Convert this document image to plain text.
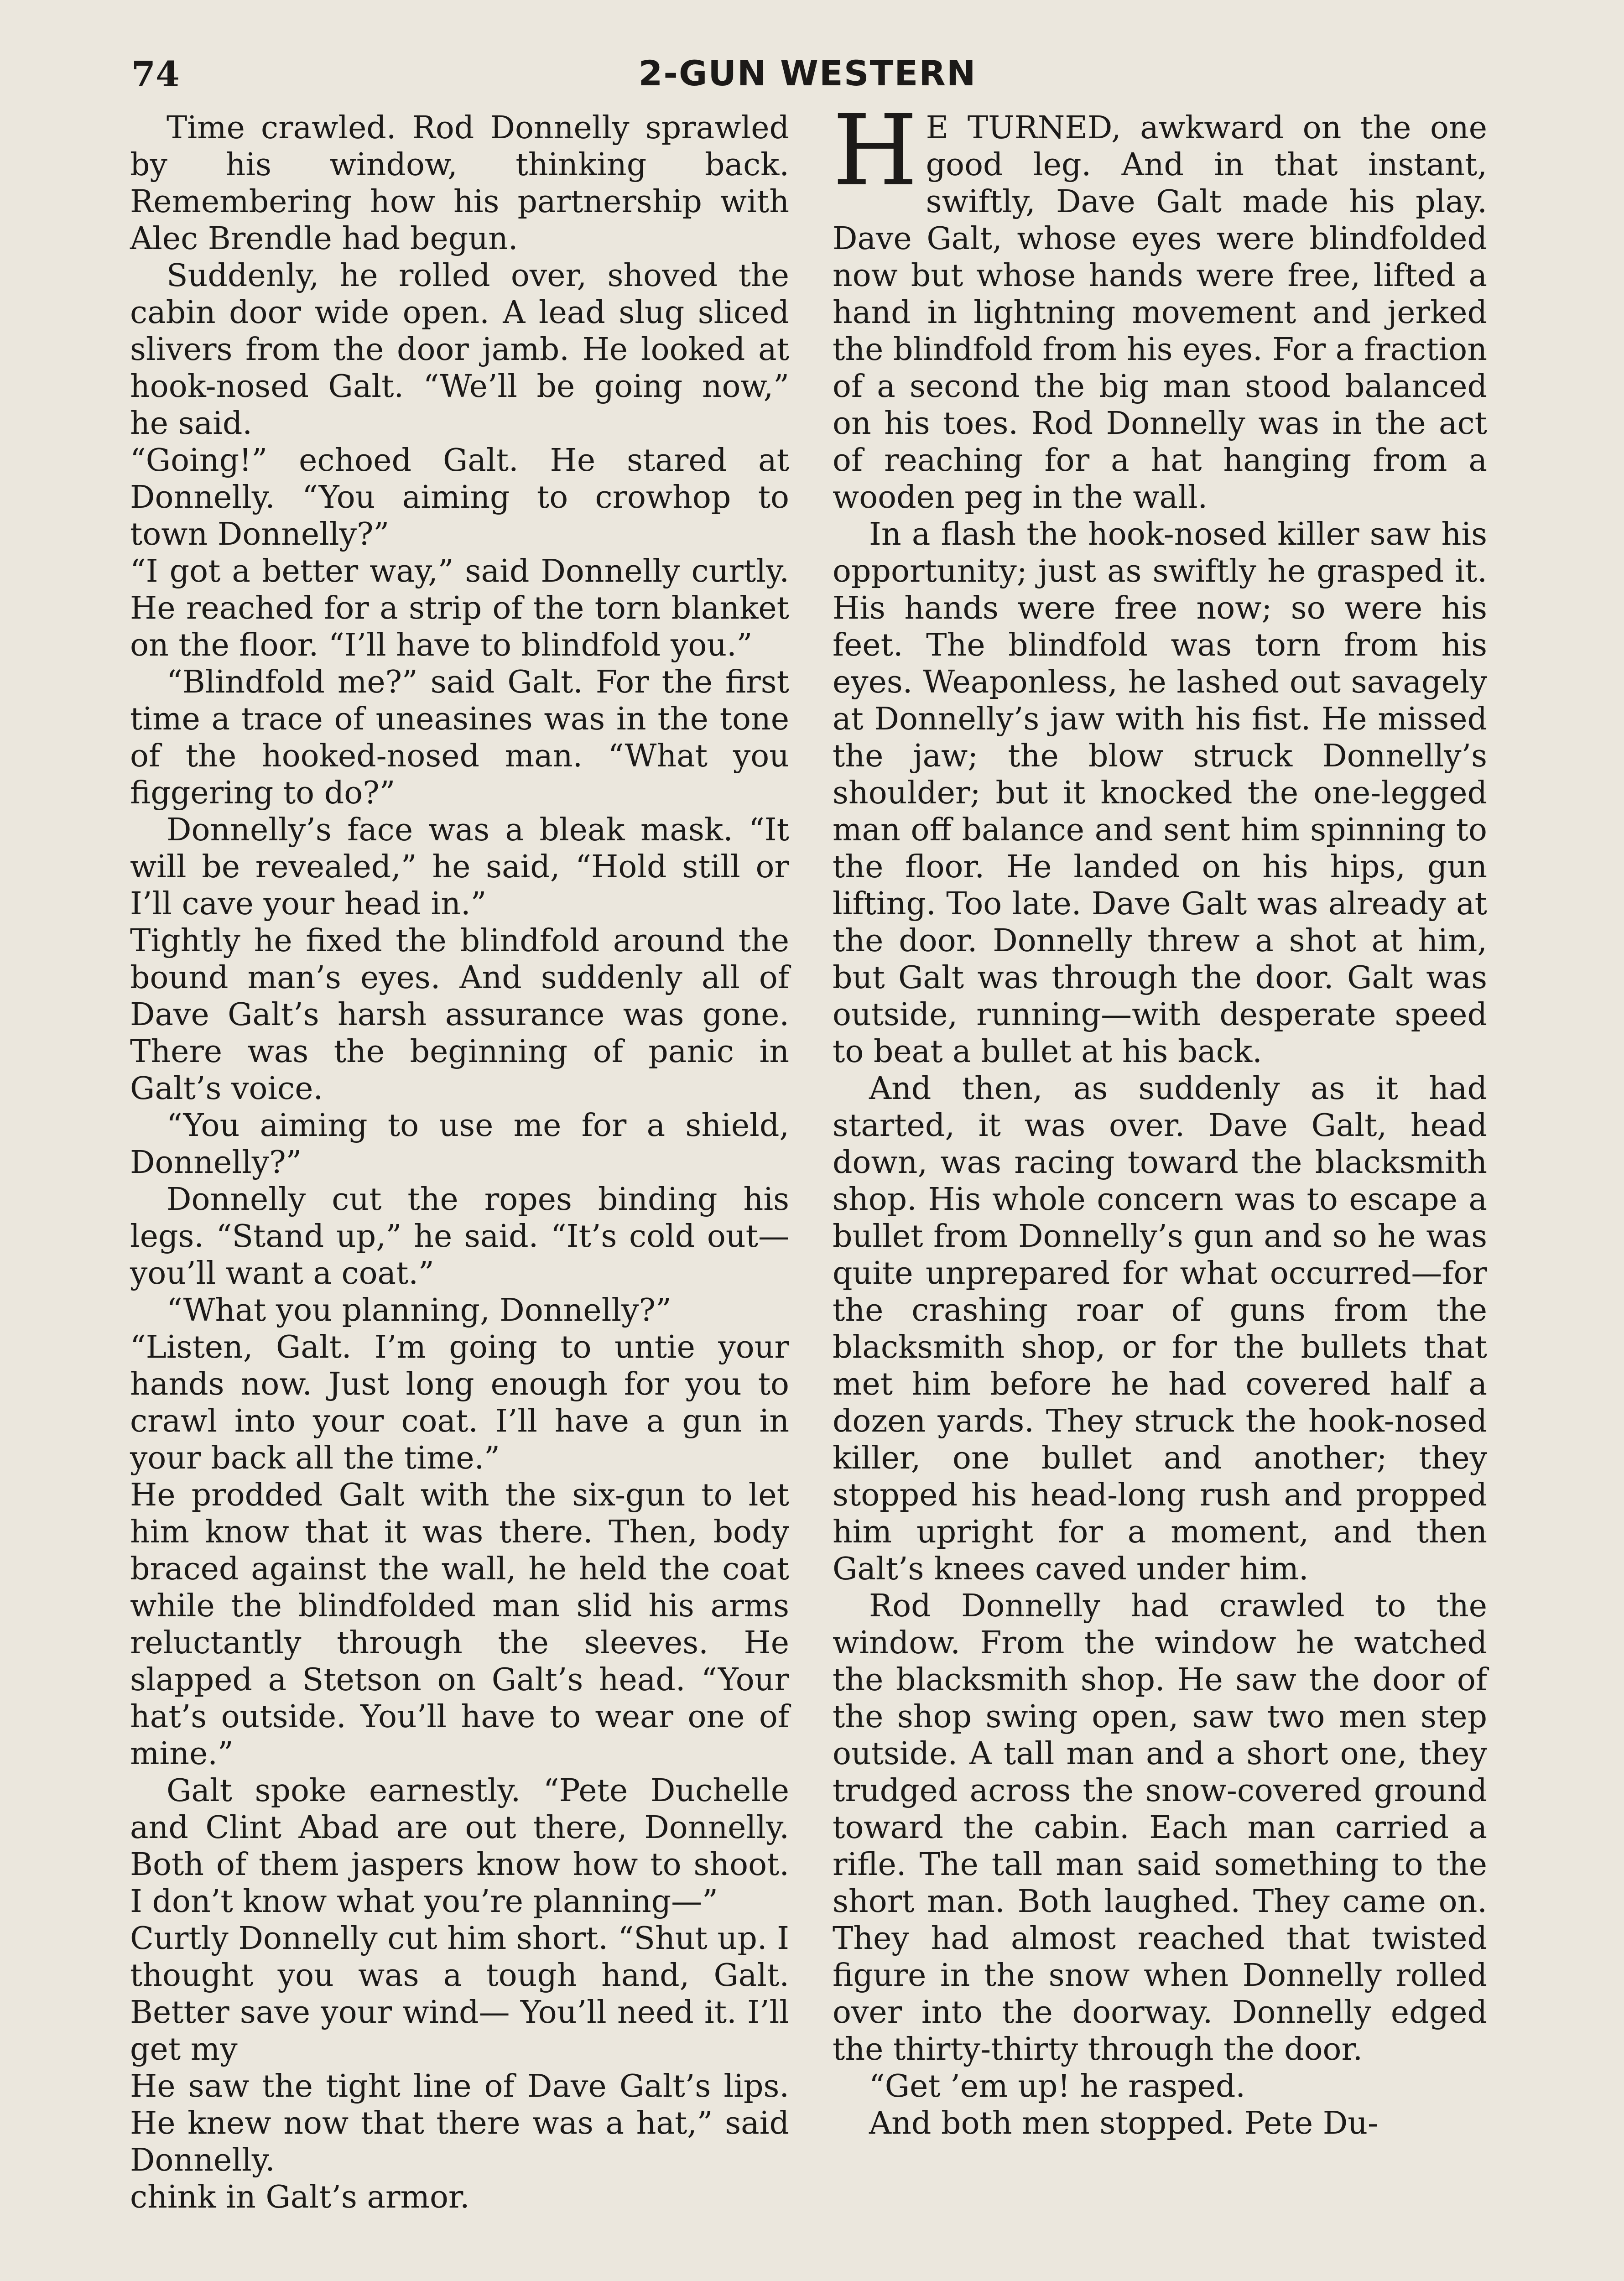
74	2-GUN WESTERN

Time crawled. Rod Donnelly sprawled by his window, thinking back. Remembering how his partnership with Alec Brendle had begun.

Suddenly, he rolled over, shoved the cabin door wide open. A lead slug sliced slivers from the door jamb. He looked at hook-nosed Galt. “We’ll be going now,” he said.

“Going!” echoed Galt. He stared at Donnelly. “You aiming to crowhop to town Donnelly?”

“I got a better way,” said Donnelly curtly. He reached for a strip of the torn blanket on the floor. “I’ll have to blindfold you.”

“Blindfold me?” said Galt. For the first time a trace of uneasines was in the tone of the hooked-nosed man. “What you figgering to do?”

Donnelly’s face was a bleak mask. “It will be revealed,” he said, “Hold still or I’ll cave your head in.”

Tightly he fixed the blindfold around the bound man’s eyes. And suddenly all of Dave Galt’s harsh assurance was gone. There was the beginning of panic in Galt’s voice.

“You aiming to use me for a shield, Donnelly?”

Donnelly cut the ropes binding his legs. “Stand up,” he said. “It’s cold out—you’ll want a coat.”

“What you planning, Donnelly?”

“Listen, Galt. I’m going to untie your hands now. Just long enough for you to crawl into your coat. I’ll have a gun in your back all the time.”

He prodded Galt with the six-gun to let him know that it was there. Then, body braced against the wall, he held the coat while the blindfolded man slid his arms reluctantly through the sleeves. He slapped a Stetson on Galt’s head. “Your hat’s outside. You’ll have to wear one of mine.”

Galt spoke earnestly. “Pete Duchelle and Clint Abad are out there, Donnelly. Both of them jaspers know how to shoot. I don’t know what you’re planning—”

Curtly Donnelly cut him short. “Shut up. I thought you was a tough hand, Galt. Better save your wind— You’ll need it. I’ll get my

He saw the tight line of Dave Galt’s lips. He knew now that there was a hat,” said Donnelly.

chink in Galt’s armor.

H E TURNED, awkward on the one good leg. And in that instant, swiftly, Dave Galt made his play. Dave Galt, whose eyes were blindfolded now but whose hands were free, lifted a hand in lightning movement and jerked the blindfold from his eyes. For a fraction of a second the big man stood balanced on his toes. Rod Donnelly was in the act of reaching for a hat hanging from a wooden peg in the wall.

In a flash the hook-nosed killer saw his opportunity; just as swiftly he grasped it. His hands were free now; so were his feet. The blindfold was torn from his eyes. Weaponless, he lashed out savagely at Donnelly’s jaw with his fist. He missed the jaw; the blow struck Donnelly’s shoulder; but it knocked the one-legged man off balance and sent him spinning to the floor. He landed on his hips, gun lifting. Too late. Dave Galt was already at the door. Donnelly threw a shot at him, but Galt was through the door. Galt was outside, running—with desperate speed to beat a bullet at his back.

And then, as suddenly as it had started, it was over. Dave Galt, head down, was racing toward the blacksmith shop. His whole concern was to escape a bullet from Donnelly’s gun and so he was quite unprepared for what occurred—for the crashing roar of guns from the blacksmith shop, or for the bullets that met him before he had covered half a dozen yards. They struck the hook-nosed killer, one bullet and another; they stopped his head-long rush and propped him upright for a moment, and then Galt’s knees caved under him.

Rod Donnelly had crawled to the window. From the window he watched the blacksmith shop. He saw the door of the shop swing open, saw two men step outside. A tall man and a short one, they trudged across the snow-covered ground toward the cabin. Each man carried a rifle. The tall man said something to the short man. Both laughed. They came on. They had almost reached that twisted figure in the snow when Donnelly rolled over into the doorway. Donnelly edged the thirty-thirty through the door.

“Get ’em up! he rasped.

And both men stopped. Pete Du-
